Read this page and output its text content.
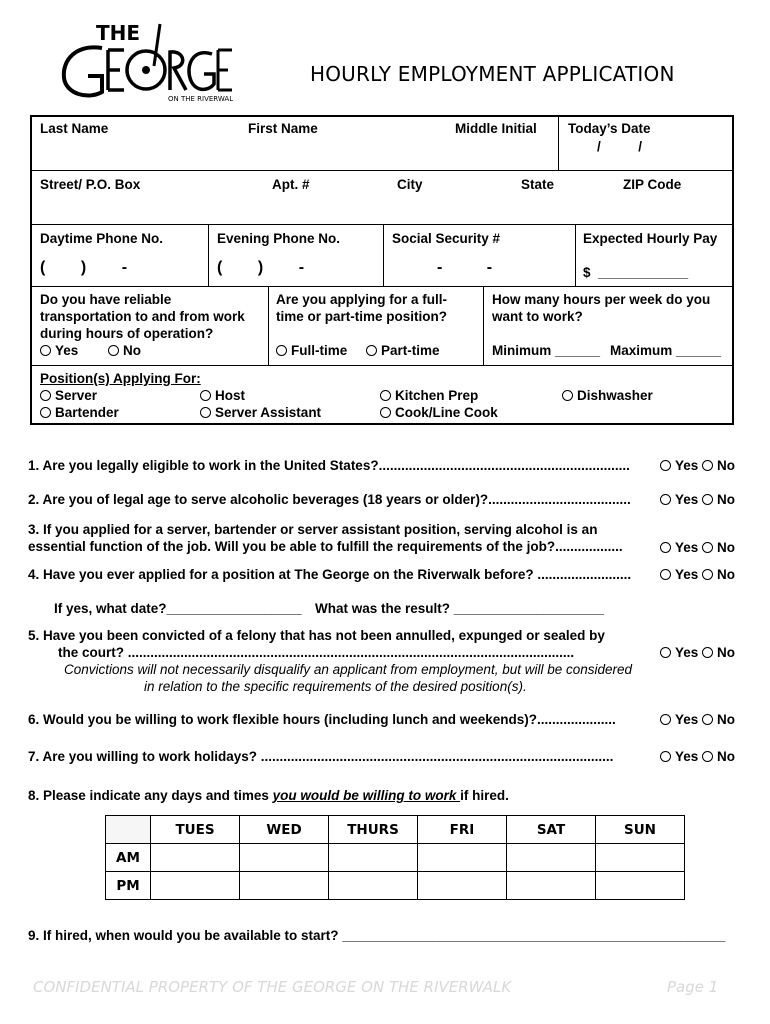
THE
ON THE RIVERWALK
HOURLY EMPLOYMENT APPLICATION
Last Name	First Name	Middle Initial Today’s Date
/          /
Street/ P.O. Box	Apt. #	City	State	ZIP Code
Daytime Phone No.	Evening Phone No.	Social Security #	Expected Hourly Pay
(        )        -	(        )        -	-          -	$  ____________
Do you have reliable
transportation to and from work
during hours of operation?
Yes	No
Are you applying for a full-
time or part-time position?
Full-time	Part-time
How many hours per week do you
want to work?
Minimum ______ Maximum ______
Position(s) Applying For:
Server	Host	Kitchen Prep	Dishwasher
Bartender	Server Assistant	Cook/Line Cook
1. Are you legally eligible to work in the United States?...................................................................	Yes No
2. Are you of legal age to serve alcoholic beverages (18 years or older)?......................................	Yes No
3. If you applied for a server, bartender or server assistant position, serving alcohol is an
essential function of the job. Will you be able to fulfill the requirements of the job?..................	Yes No
4. Have you ever applied for a position at The George on the Riverwalk before? .........................	Yes No
If yes, what date?__________________ What was the result? ____________________
5. Have you been convicted of a felony that has not been annulled, expunged or sealed by
the court? .......................................................................................................................	Yes No
Convictions will not necessarily disqualify an applicant from employment, but will be considered
in relation to the specific requirements of the desired position(s).
6. Would you be willing to work flexible hours (including lunch and weekends)?.....................	Yes No
7. Are you willing to work holidays? ..............................................................................................	Yes No
8. Please indicate any days and times you would be willing to work if hired.
	TUES	WED	THURS	FRI	SAT	SUN
AM						
PM						
9. If hired, when would you be available to start? ___________________________________________________
CONFIDENTIAL PROPERTY OF THE GEORGE ON THE RIVERWALK	Page 1
